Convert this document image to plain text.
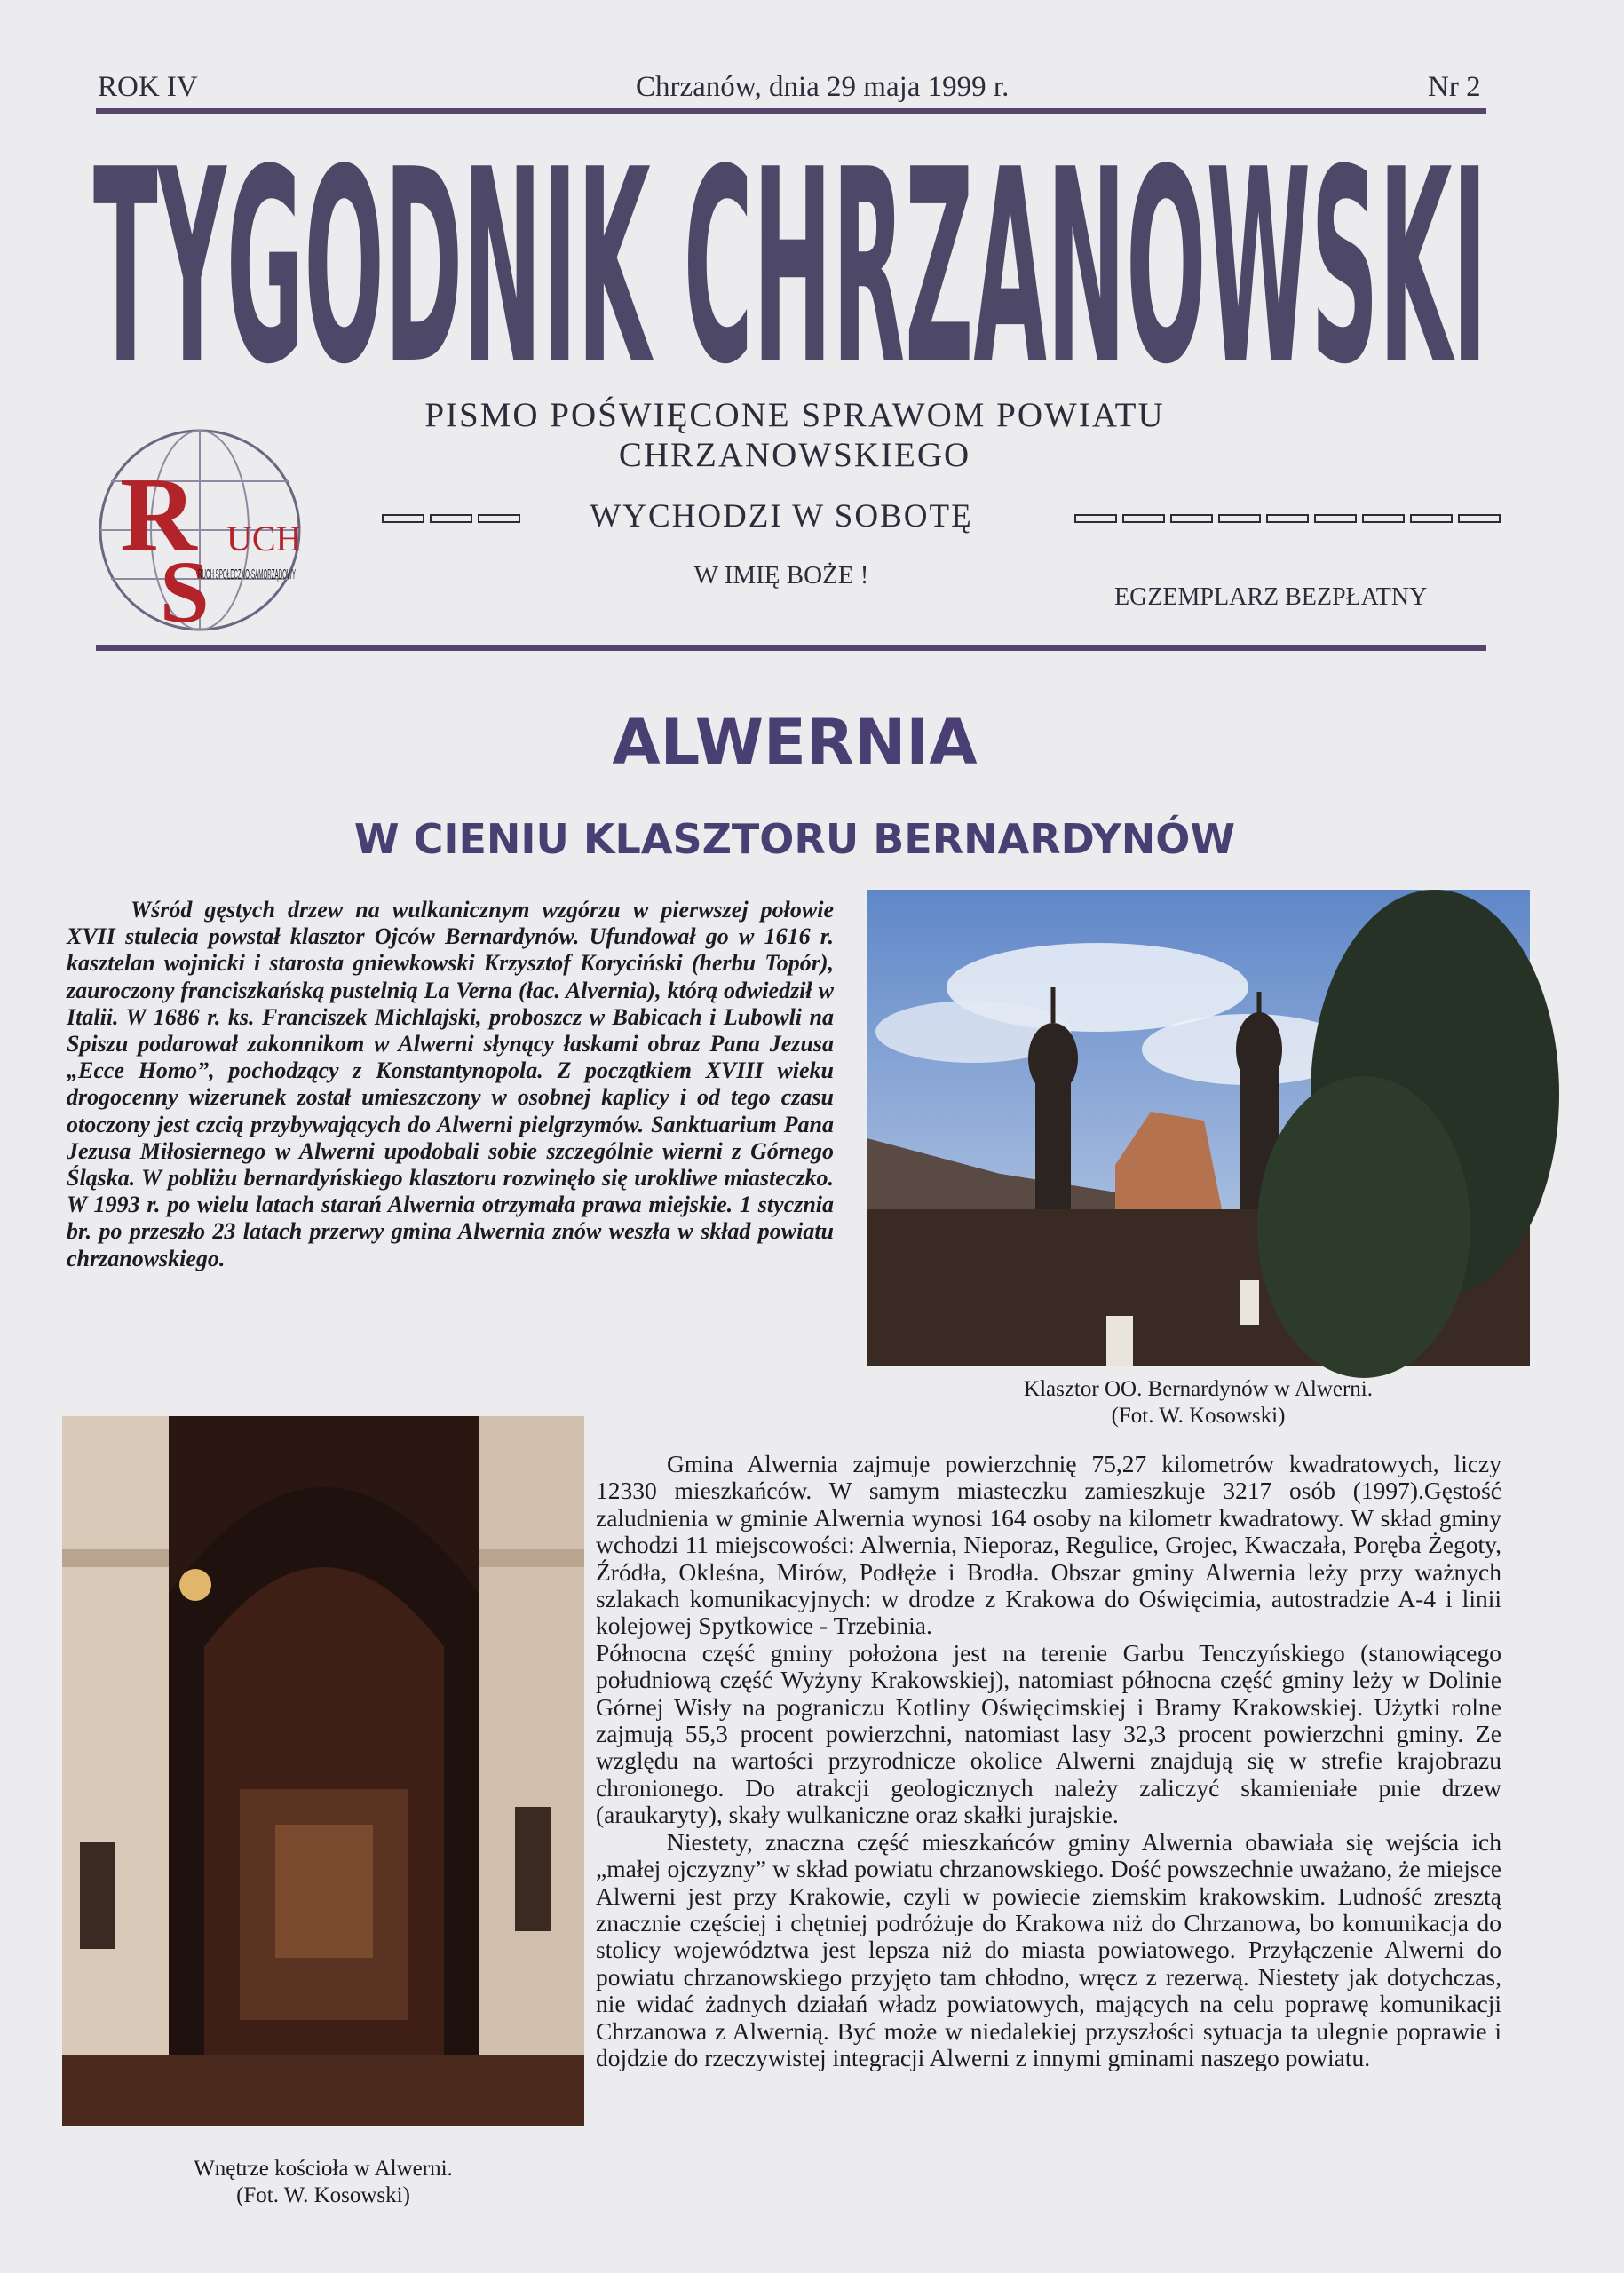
ROK IV	Chrzanów, dnia 29 maja 1999 r.	Nr 2
TYGODNIK CHRZANOWSKI
PISMO POŚWIĘCONE SPRAWOM POWIATU
CHRZANOWSKIEGO
R
S
UCH
RUCH SPOŁECZNO-SAMORZĄDOWY
WYCHODZI W SOBOTĘ
W IMIĘ BOŻE !
EGZEMPLARZ BEZPŁATNY
ALWERNIA
W CIENIU KLASZTORU BERNARDYNÓW
Wśród gęstych drzew na wulkanicznym wzgórzu w pierwszej połowie XVII stulecia powstał klasztor Ojców Bernardynów. Ufundował go w 1616 r. kasztelan wojnicki i starosta gniewkowski Krzysztof Koryciński (herbu Topór), zauroczony franciszkańską pustelnią La Verna (łac. Alvernia), którą odwiedził w Italii. W 1686 r. ks. Franciszek Michlajski, proboszcz w Babicach i Lubowli na Spiszu podarował zakonnikom w Alwerni słynący łaskami obraz Pana Jezusa „Ecce Homo”, pochodzący z Konstantynopola. Z początkiem XVIII wieku drogocenny wizerunek został umieszczony w osobnej kaplicy i od tego czasu otoczony jest czcią przybywających do Alwerni pielgrzymów. Sanktuarium Pana Jezusa Miłosiernego w Alwerni upodobali sobie szczególnie wierni z Górnego Śląska. W pobliżu bernardyńskiego klasztoru rozwinęło się urokliwe miasteczko. W 1993 r. po wielu latach starań Alwernia otrzymała prawa miejskie. 1 stycznia br. po przeszło 23 latach przerwy gmina Alwernia znów weszła w skład powiatu chrzanowskiego.
Klasztor OO. Bernardynów w Alwerni.
(Fot. W. Kosowski)
Wnętrze kościoła w Alwerni.
(Fot. W. Kosowski)

Gmina Alwernia zajmuje powierzchnię 75,27 kilometrów kwadratowych, liczy 12330 mieszkańców. W samym miasteczku zamieszkuje 3217 osób (1997).Gęstość zaludnienia w gminie Alwernia wynosi 164 osoby na kilometr kwadratowy. W skład gminy wchodzi 11 miejscowości: Alwernia, Nieporaz, Regulice, Grojec, Kwaczała, Poręba Żegoty, Źródła, Okleśna, Mirów, Podłęże i Brodła. Obszar gminy Alwernia leży przy ważnych szlakach komunikacyjnych: w drodze z Krakowa do Oświęcimia, autostradzie A-4 i linii kolejowej Spytkowice - Trzebinia.

Północna część gminy położona jest na terenie Garbu Tenczyńskiego (stanowiącego południową część Wyżyny Krakowskiej), natomiast północna część gminy leży w Dolinie Górnej Wisły na pograniczu Kotliny Oświęcimskiej i Bramy Krakowskiej. Użytki rolne zajmują 55,3 procent powierzchni, natomiast lasy 32,3 procent powierzchni gminy. Ze względu na wartości przyrodnicze okolice Alwerni znajdują się w strefie krajobrazu chronionego. Do atrakcji geologicznych należy zaliczyć skamieniałe pnie drzew (araukaryty), skały wulkaniczne oraz skałki jurajskie.

Niestety, znaczna część mieszkańców gminy Alwernia obawiała się wejścia ich „małej ojczyzny” w skład powiatu chrzanowskiego. Dość powszechnie uważano, że miejsce Alwerni jest przy Krakowie, czyli w powiecie ziemskim krakowskim. Ludność zresztą znacznie częściej i chętniej podróżuje do Krakowa niż do Chrzanowa, bo komunikacja do stolicy województwa jest lepsza niż do miasta powiatowego. Przyłączenie Alwerni do powiatu chrzanowskiego przyjęto tam chłodno, wręcz z rezerwą. Niestety jak dotychczas, nie widać żadnych działań władz powiatowych, mających na celu poprawę komunikacji Chrzanowa z Alwernią. Być może w niedalekiej przyszłości sytuacja ta ulegnie poprawie i dojdzie do rzeczywistej integracji Alwerni z innymi gminami naszego powiatu.
